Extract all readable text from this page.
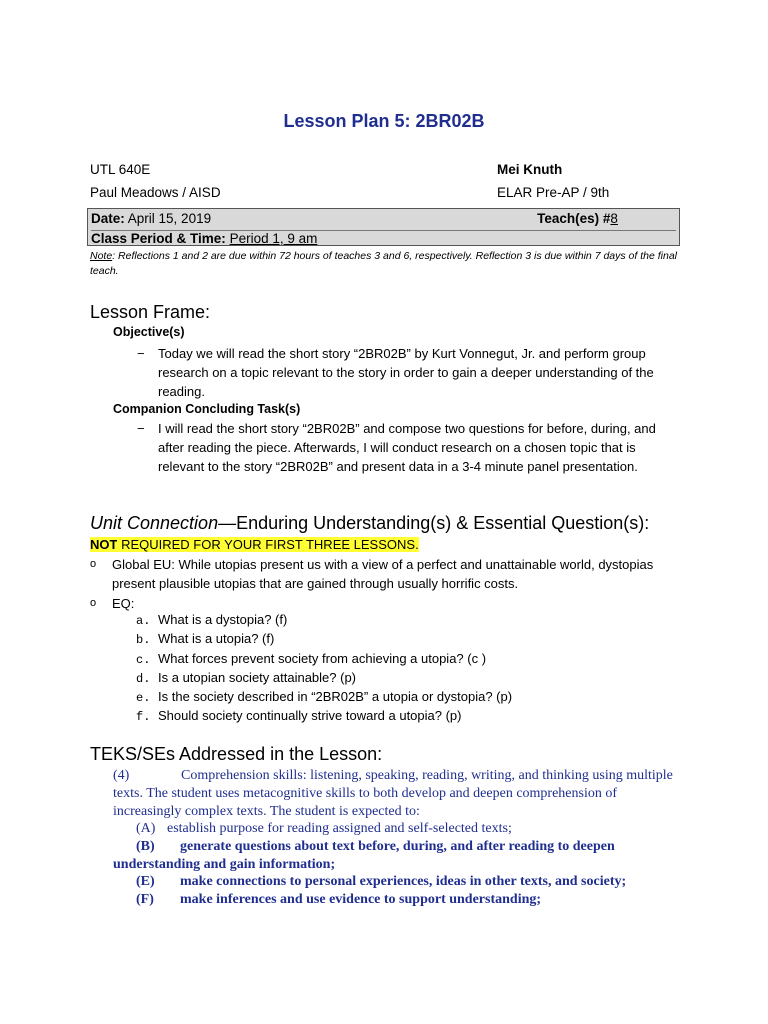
Lesson Plan 5: 2BR02B
UTL 640E	Mei Knuth
Paul Meadows / AISD	ELAR Pre-AP / 9th
Date: April 15, 2019	Teach(es) #8
Class Period & Time: Period 1, 9 am
Note: Reflections 1 and 2 are due within 72 hours of teaches 3 and 6, respectively. Reflection 3 is due within 7 days of the final teach.
Lesson Frame:
Objective(s)
− Today we will read the short story “2BR02B” by Kurt Vonnegut, Jr. and perform group research on a topic relevant to the story in order to gain a deeper understanding of the reading.
Companion Concluding Task(s)
− I will read the short story “2BR02B” and compose two questions for before, during, and after reading the piece. Afterwards, I will conduct research on a chosen topic that is relevant to the story “2BR02B” and present data in a 3-4 minute panel presentation.
Unit Connection—Enduring Understanding(s) & Essential Question(s):
NOT REQUIRED FOR YOUR FIRST THREE LESSONS.
o Global EU: While utopias present us with a view of a perfect and unattainable world, dystopias present plausible utopias that are gained through usually horrific costs.
o EQ:
a. What is a dystopia? (f)
b. What is a utopia? (f)
c. What forces prevent society from achieving a utopia? (c )
d. Is a utopian society attainable? (p)
e. Is the society described in “2BR02B” a utopia or dystopia? (p)
f. Should society continually strive toward a utopia? (p)
TEKS/SEs Addressed in the Lesson:
(4)	Comprehension skills: listening, speaking, reading, writing, and thinking using multiple texts. The student uses metacognitive skills to both develop and deepen comprehension of increasingly complex texts. The student is expected to:
(A) establish purpose for reading assigned and self-selected texts;
(B) generate questions about text before, during, and after reading to deepen understanding and gain information;
(E) make connections to personal experiences, ideas in other texts, and society;
(F) make inferences and use evidence to support understanding;
